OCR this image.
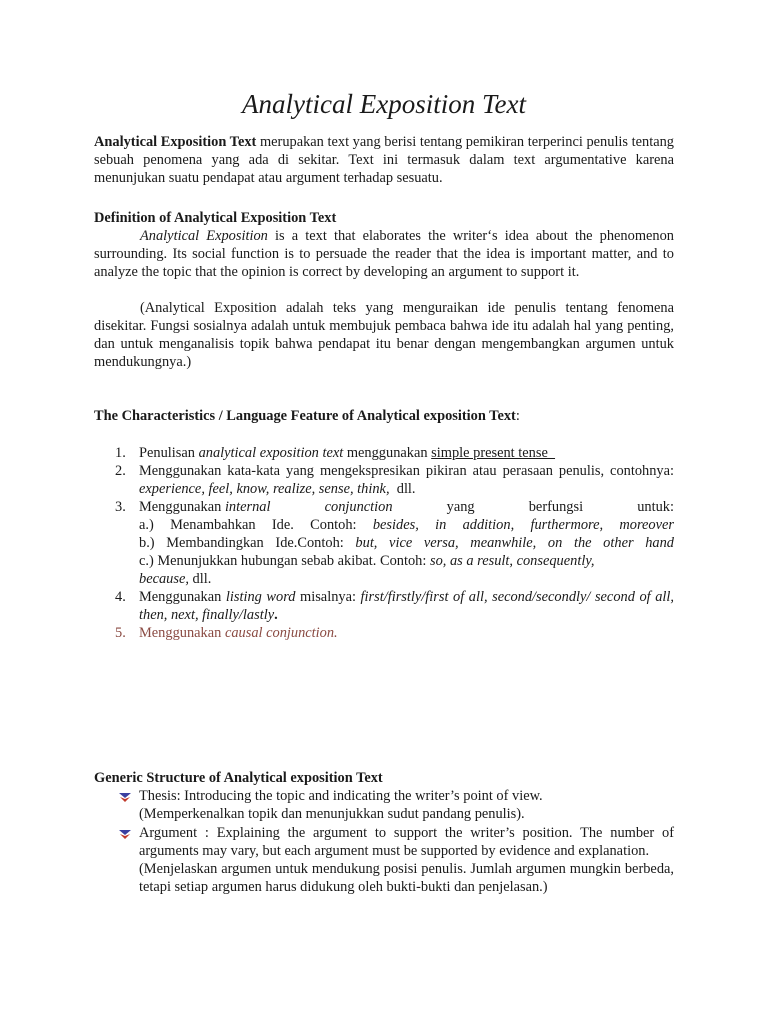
Analytical Exposition Text
Analytical Exposition Text merupakan text yang berisi tentang pemikiran terperinci penulis tentang sebuah penomena yang ada di sekitar. Text ini termasuk dalam text argumentative karena menunjukan suatu pendapat atau argument terhadap sesuatu.
Definition of Analytical Exposition Text
Analytical Exposition is a text that elaborates the writer‘s idea about the phenomenon surrounding. Its social function is to persuade the reader that the idea is important matter, and to analyze the topic that the opinion is correct by developing an argument to support it.
(Analytical Exposition adalah teks yang menguraikan ide penulis tentang fenomena disekitar. Fungsi sosialnya adalah untuk membujuk pembaca bahwa ide itu adalah hal yang penting, dan untuk menganalisis topik bahwa pendapat itu benar dengan mengembangkan argumen untuk mendukungnya.)
The Characteristics / Language Feature of Analytical exposition Text:
1. Penulisan analytical exposition text menggunakan simple present tense
2. Menggunakan kata-kata yang mengekspresikan pikiran atau perasaan penulis, contohnya: experience, feel, know, realize, sense, think,  dll.
3. Menggunakan internal	conjunction	yang	berfungsi	untuk:
a.) Menambahkan Ide. Contoh: besides, in addition, furthermore, moreover
b.) Membandingkan Ide.Contoh: but, vice versa, meanwhile, on the other hand
c.) Menunjukkan hubungan sebab akibat. Contoh: so, as a result, consequently,
because, dll.
4. Menggunakan listing word misalnya: first/firstly/first of all, second/secondly/ second of all, then, next, finally/lastly.
5. Menggunakan causal conjunction.
Generic Structure of Analytical exposition Text
Thesis: Introducing the topic and indicating the writer’s point of view.
(Memperkenalkan topik dan menunjukkan sudut pandang penulis).
Argument : Explaining the argument to support the writer’s position. The number of arguments may vary, but each argument must be supported by evidence and explanation.
(Menjelaskan argumen untuk mendukung posisi penulis. Jumlah argumen mungkin berbeda, tetapi setiap argumen harus didukung oleh bukti-bukti dan penjelasan.)
